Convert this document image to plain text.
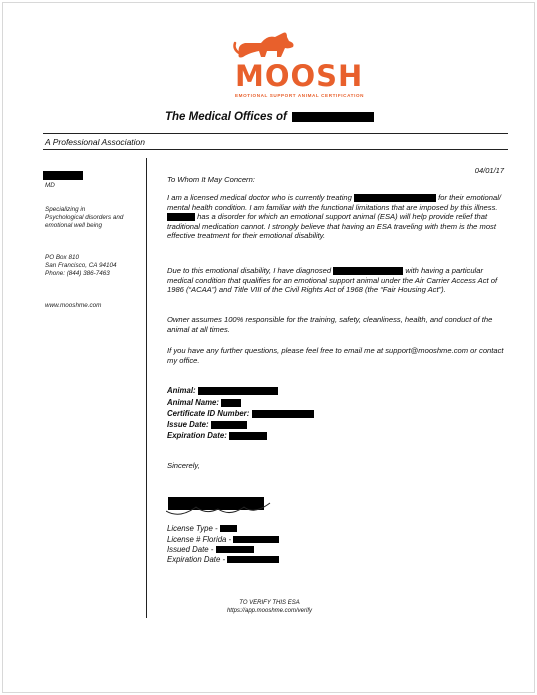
MOOSH
EMOTIONAL SUPPORT ANIMAL CERTIFICATION
The Medical Offices of
A Professional Association
MD
Specializing in
Psychological disorders and
emotional well being
PO Box 810
San Francisco, CA 94104
Phone: (844) 386-7463
www.mooshme.com
04/01/17
To Whom It May Concern:

I am a licensed medical doctor who is currently treating	for their emotional/ mental health condition. I am familiar with the functional limitations that are imposed by this illness.  has a disorder for which an emotional support animal (ESA) will help provide relief that traditional medication cannot. I strongly believe that having an ESA traveling with them is the most effective treatment for their emotional disability.

Due to this emotional disability, I have diagnosed	with having a particular medical condition that qualifies for an emotional support animal under the Air Carrier Access Act of 1986 (“ACAA”) and Title VIII of the Civil Rights Act of 1968 (the “Fair Housing Act”).

Owner assumes 100% responsible for the training, safety, cleanliness, health, and conduct of the animal at all times.
If you have any further questions, please feel free to email me at support@mooshme.com or contact my office.
Animal:
Animal Name:
Certificate ID Number:
Issue Date:
Expiration Date:
Sincerely,
License Type -
License # Florida -
Issued Date -
Expiration Date -
TO VERIFY THIS ESA
https://app.mooshme.com/verify
